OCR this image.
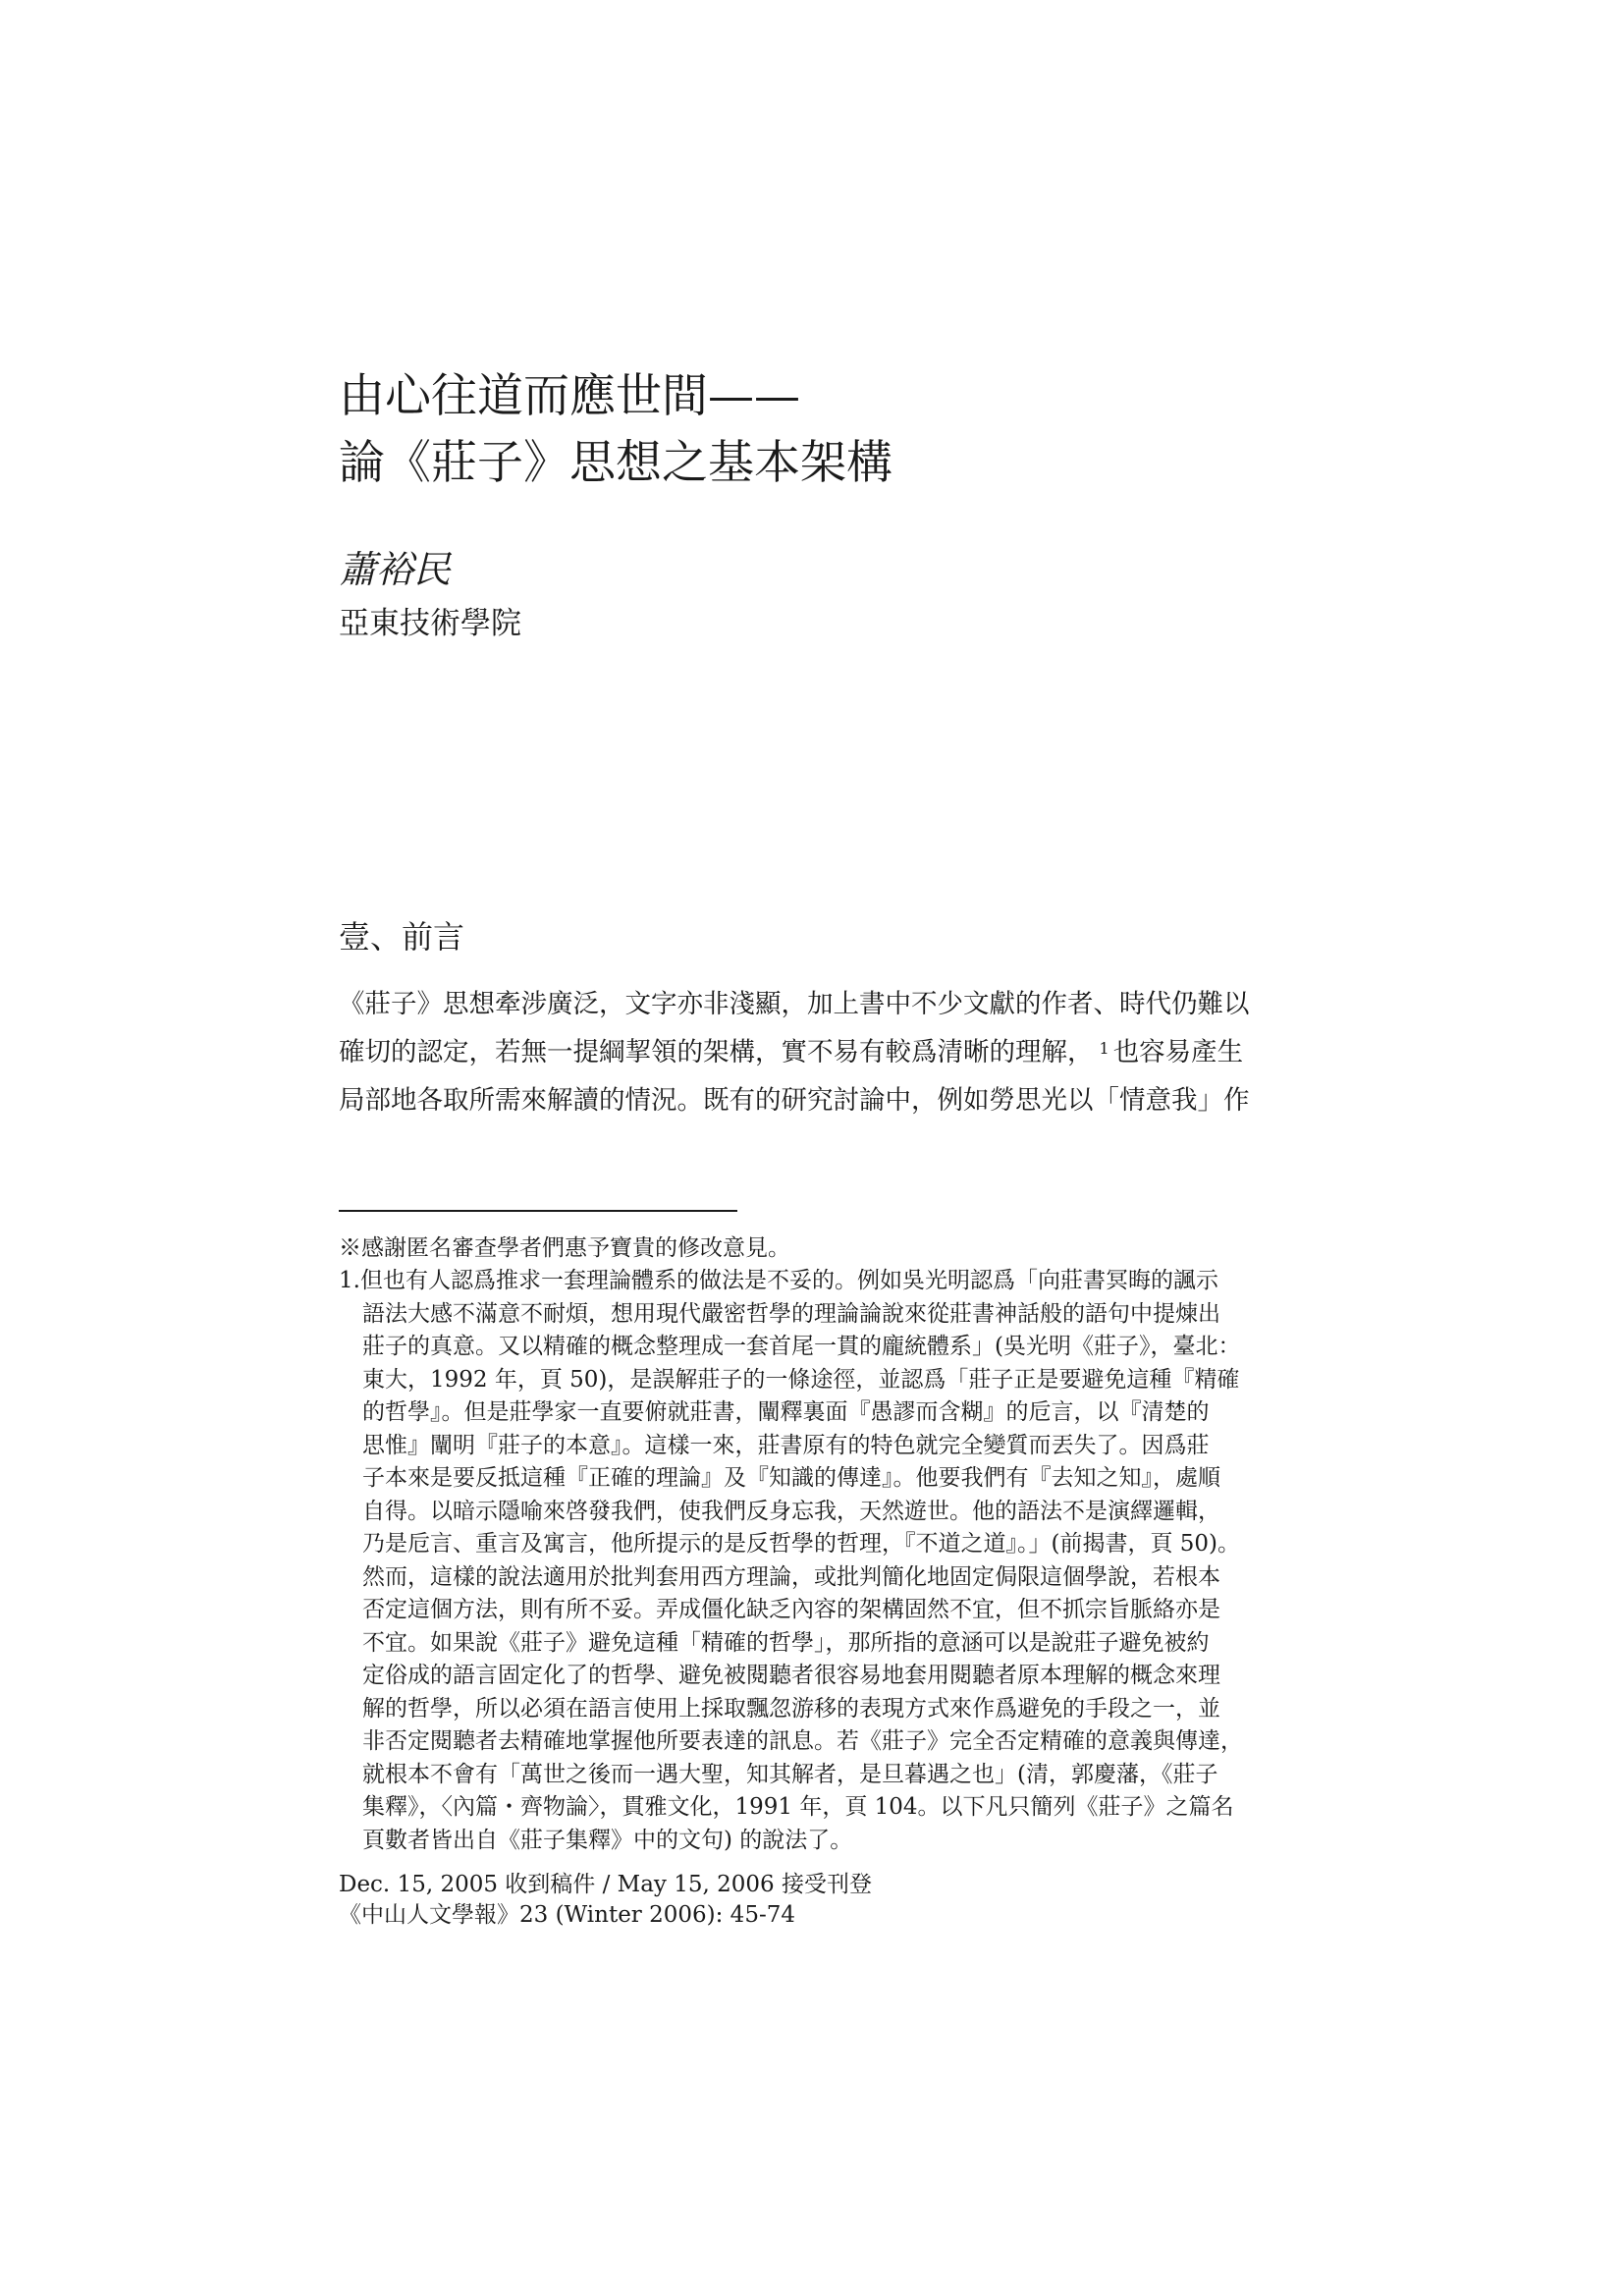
由心往道而應世間——
論《莊子》思想之基本架構
蕭裕民
亞東技術學院
壹、前言
《莊子》思想牽涉廣泛，文字亦非淺顯，加上書中不少文獻的作者、時代仍難以
確切的認定，若無一提綱挈領的架構，實不易有較爲清晰的理解， $^1$ 也容易產生
局部地各取所需來解讀的情況。既有的研究討論中，例如勞思光以「情意我」作
※感謝匿名審查學者們惠予寶貴的修改意見。
1.但也有人認爲推求一套理論體系的做法是不妥的。例如吳光明認爲「向莊書冥晦的諷示
語法大感不滿意不耐煩，想用現代嚴密哲學的理論論說來從莊書神話般的語句中提煉出
莊子的真意。又以精確的概念整理成一套首尾一貫的龐統體系」(吳光明《莊子》，臺北：
東大，1992 年，頁 50)，是誤解莊子的一條途徑，並認爲「莊子正是要避免這種『精確
的哲學』。但是莊學家一直要俯就莊書，闡釋裏面『愚謬而含糊』的卮言，以『清楚的
思惟』闡明『莊子的本意』。這樣一來，莊書原有的特色就完全變質而丟失了。因爲莊
子本來是要反抵這種『正確的理論』及『知識的傳達』。他要我們有『去知之知』，處順
自得。以暗示隱喻來啓發我們，使我們反身忘我，天然遊世。他的語法不是演繹邏輯，
乃是卮言、重言及寓言，他所提示的是反哲學的哲理，『不道之道』。」(前揭書，頁 50)。
然而，這樣的說法適用於批判套用西方理論，或批判簡化地固定侷限這個學說，若根本
否定這個方法，則有所不妥。弄成僵化缺乏內容的架構固然不宜，但不抓宗旨脈絡亦是
不宜。如果說《莊子》避免這種「精確的哲學」，那所指的意涵可以是說莊子避免被約
定俗成的語言固定化了的哲學、避免被閱聽者很容易地套用閱聽者原本理解的概念來理
解的哲學，所以必須在語言使用上採取飄忽游移的表現方式來作爲避免的手段之一，並
非否定閱聽者去精確地掌握他所要表達的訊息。若《莊子》完全否定精確的意義與傳達，
就根本不會有「萬世之後而一遇大聖，知其解者，是旦暮遇之也」(清，郭慶藩，《莊子
集釋》，〈內篇・齊物論〉，貫雅文化，1991 年，頁 104。以下凡只簡列《莊子》之篇名
頁數者皆出自《莊子集釋》中的文句) 的說法了。
Dec. 15, 2005 收到稿件 / May 15, 2006 接受刊登
《中山人文學報》23 (Winter 2006): 45-74
